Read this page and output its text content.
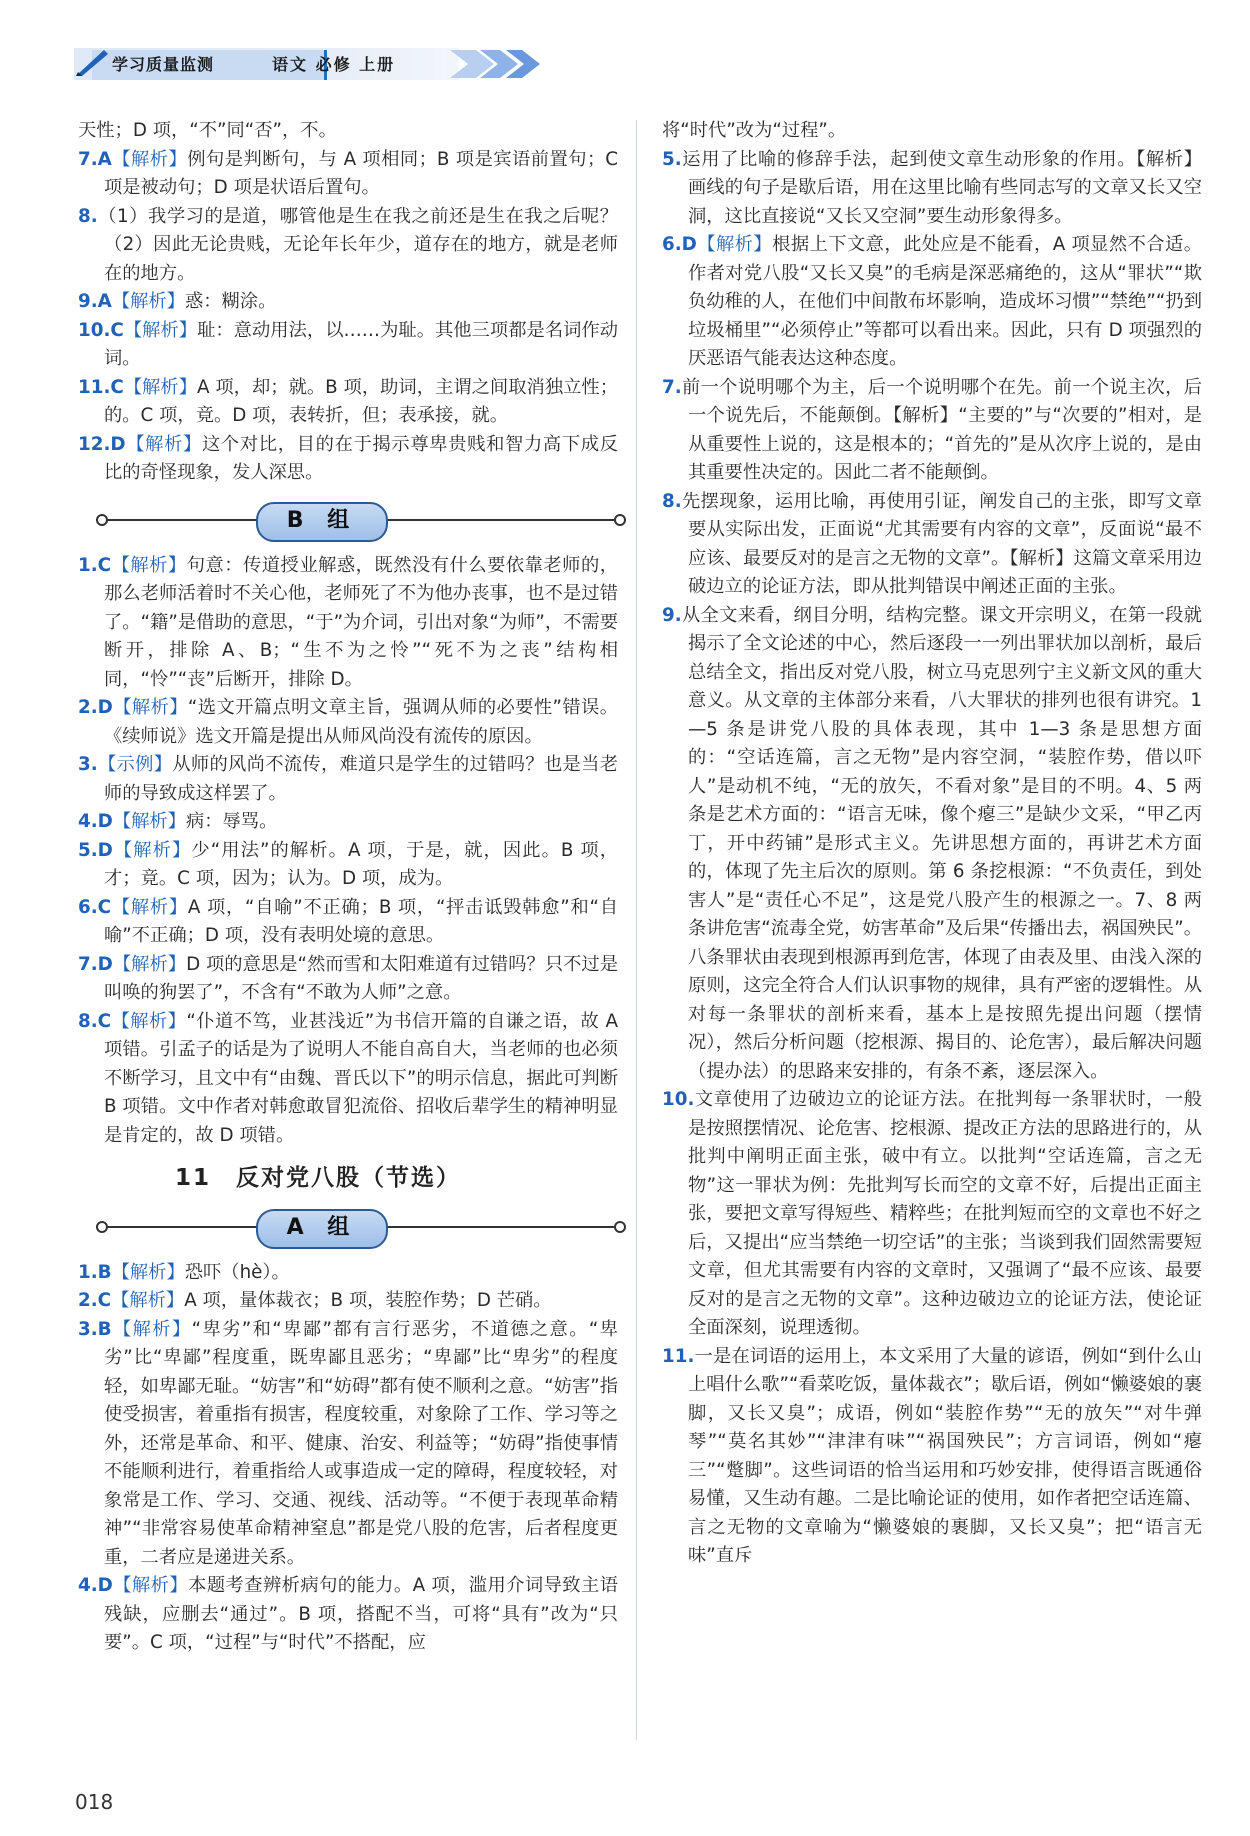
学习质量监测	语文 必修 上册

天性；D 项，“不”同“否”，不。

7.A【解析】例句是判断句，与 A 项相同；B 项是宾语前置句；C 项是被动句；D 项是状语后置句。

8.（1）我学习的是道，哪管他是生在我之前还是生在我之后呢？（2）因此无论贵贱，无论年长年少，道存在的地方，就是老师在的地方。

9.A【解析】惑：糊涂。

10.C【解析】耻：意动用法，以……为耻。其他三项都是名词作动词。

11.C【解析】A 项，却；就。B 项，助词，主谓之间取消独立性；的。C 项，竟。D 项，表转折，但；表承接，就。

12.D【解析】这个对比，目的在于揭示尊卑贵贱和智力高下成反比的奇怪现象，发人深思。

B 组

1.C【解析】句意：传道授业解惑，既然没有什么要依靠老师的，那么老师活着时不关心他，老师死了不为他办丧事，也不是过错了。“籍”是借助的意思，“于”为介词，引出对象“为师”，不需要断开，排除 A、B；“生不为之怜”“死不为之丧”结构相同，“怜”“丧”后断开，排除 D。

2.D【解析】“选文开篇点明文章主旨，强调从师的必要性”错误。《续师说》选文开篇是提出从师风尚没有流传的原因。

3.【示例】从师的风尚不流传，难道只是学生的过错吗？也是当老师的导致成这样罢了。

4.D【解析】病：辱骂。

5.D【解析】少“用法”的解析。A 项，于是，就，因此。B 项，才；竟。C 项，因为；认为。D 项，成为。

6.C【解析】A 项，“自喻”不正确；B 项，“抨击诋毁韩愈”和“自喻”不正确；D 项，没有表明处境的意思。

7.D【解析】D 项的意思是“然而雪和太阳难道有过错吗？只不过是叫唤的狗罢了”，不含有“不敢为人师”之意。

8.C【解析】“仆道不笃，业甚浅近”为书信开篇的自谦之语，故 A 项错。引孟子的话是为了说明人不能自高自大，当老师的也必须不断学习，且文中有“由魏、晋氏以下”的明示信息，据此可判断 B 项错。文中作者对韩愈敢冒犯流俗、招收后辈学生的精神明显是肯定的，故 D 项错。

11　反对党八股（节选）
A 组

1.B【解析】恐吓（hè）。

2.C【解析】A 项，量体裁衣；B 项，装腔作势；D 芒硝。

3.B【解析】“卑劣”和“卑鄙”都有言行恶劣，不道德之意。“卑劣”比“卑鄙”程度重，既卑鄙且恶劣；“卑鄙”比“卑劣”的程度轻，如卑鄙无耻。“妨害”和“妨碍”都有使不顺利之意。“妨害”指使受损害，着重指有损害，程度较重，对象除了工作、学习等之外，还常是革命、和平、健康、治安、利益等；“妨碍”指使事情不能顺利进行，着重指给人或事造成一定的障碍，程度较轻，对象常是工作、学习、交通、视线、活动等。“不便于表现革命精神”“非常容易使革命精神窒息”都是党八股的危害，后者程度更重，二者应是递进关系。

4.D【解析】本题考查辨析病句的能力。A 项，滥用介词导致主语残缺，应删去“通过”。B 项，搭配不当，可将“具有”改为“只要”。C 项，“过程”与“时代”不搭配，应

将“时代”改为“过程”。

5.运用了比喻的修辞手法，起到使文章生动形象的作用。【解析】画线的句子是歇后语，用在这里比喻有些同志写的文章又长又空洞，这比直接说“又长又空洞”要生动形象得多。

6.D【解析】根据上下文意，此处应是不能看，A 项显然不合适。作者对党八股“又长又臭”的毛病是深恶痛绝的，这从“罪状”“欺负幼稚的人，在他们中间散布坏影响，造成坏习惯”“禁绝”“扔到垃圾桶里”“必须停止”等都可以看出来。因此，只有 D 项强烈的厌恶语气能表达这种态度。

7.前一个说明哪个为主，后一个说明哪个在先。前一个说主次，后一个说先后，不能颠倒。【解析】“主要的”与“次要的”相对，是从重要性上说的，这是根本的；“首先的”是从次序上说的，是由其重要性决定的。因此二者不能颠倒。

8.先摆现象，运用比喻，再使用引证，阐发自己的主张，即写文章要从实际出发，正面说“尤其需要有内容的文章”，反面说“最不应该、最要反对的是言之无物的文章”。【解析】这篇文章采用边破边立的论证方法，即从批判错误中阐述正面的主张。

9.从全文来看，纲目分明，结构完整。课文开宗明义，在第一段就揭示了全文论述的中心，然后逐段一一列出罪状加以剖析，最后总结全文，指出反对党八股，树立马克思列宁主义新文风的重大意义。从文章的主体部分来看，八大罪状的排列也很有讲究。1—5 条是讲党八股的具体表现，其中 1—3 条是思想方面的：“空话连篇，言之无物”是内容空洞，“装腔作势，借以吓人”是动机不纯，“无的放矢，不看对象”是目的不明。4、5 两条是艺术方面的：“语言无味，像个瘪三”是缺少文采，“甲乙丙丁，开中药铺”是形式主义。先讲思想方面的，再讲艺术方面的，体现了先主后次的原则。第 6 条挖根源：“不负责任，到处害人”是“责任心不足”，这是党八股产生的根源之一。7、8 两条讲危害“流毒全党，妨害革命”及后果“传播出去，祸国殃民”。八条罪状由表现到根源再到危害，体现了由表及里、由浅入深的原则，这完全符合人们认识事物的规律，具有严密的逻辑性。从对每一条罪状的剖析来看，基本上是按照先提出问题（摆情况），然后分析问题（挖根源、揭目的、论危害），最后解决问题（提办法）的思路来安排的，有条不紊，逐层深入。

10.文章使用了边破边立的论证方法。在批判每一条罪状时，一般是按照摆情况、论危害、挖根源、提改正方法的思路进行的，从批判中阐明正面主张，破中有立。以批判“空话连篇，言之无物”这一罪状为例：先批判写长而空的文章不好，后提出正面主张，要把文章写得短些、精粹些；在批判短而空的文章也不好之后，又提出“应当禁绝一切空话”的主张；当谈到我们固然需要短文章，但尤其需要有内容的文章时，又强调了“最不应该、最要反对的是言之无物的文章”。这种边破边立的论证方法，使论证全面深刻，说理透彻。

11.一是在词语的运用上，本文采用了大量的谚语，例如“到什么山上唱什么歌”“看菜吃饭，量体裁衣”；歇后语，例如“懒婆娘的裹脚，又长又臭”；成语，例如“装腔作势”“无的放矢”“对牛弹琴”“莫名其妙”“津津有味”“祸国殃民”；方言词语，例如“瘪三”“蹩脚”。这些词语的恰当运用和巧妙安排，使得语言既通俗易懂，又生动有趣。二是比喻论证的使用，如作者把空话连篇、言之无物的文章喻为“懒婆娘的裹脚，又长又臭”；把“语言无味”直斥

018
